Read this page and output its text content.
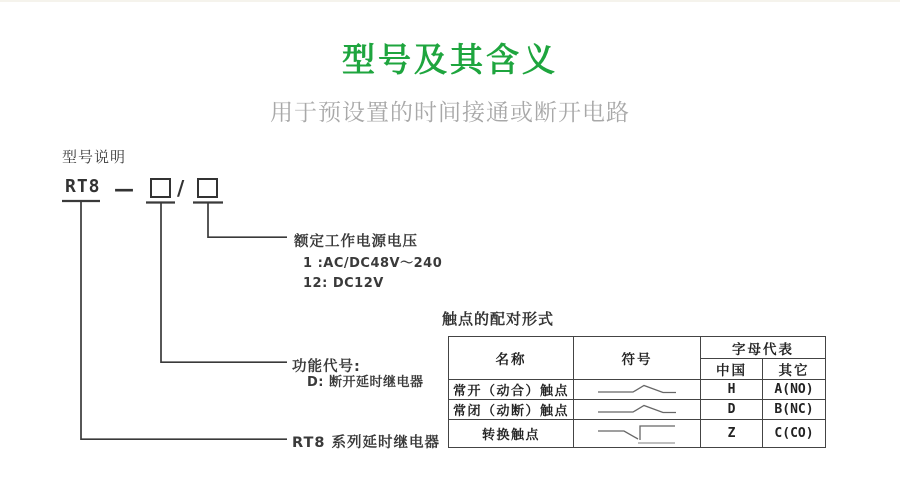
型号及其含义
用于预设置的时间接通或断开电路
型号说明
RT8 — /
额定工作电源电压
1 :AC/DC48V～240
12: DC12V
功能代号:
D: 断开延时继电器
RT8 系列延时继电器
触点的配对形式
名称	符号	字母代表	
		中国	其它
常开（动合）触点		H	A(NO)
常闭（动断）触点		D	B(NC)
转换触点		Z	C(CO)
